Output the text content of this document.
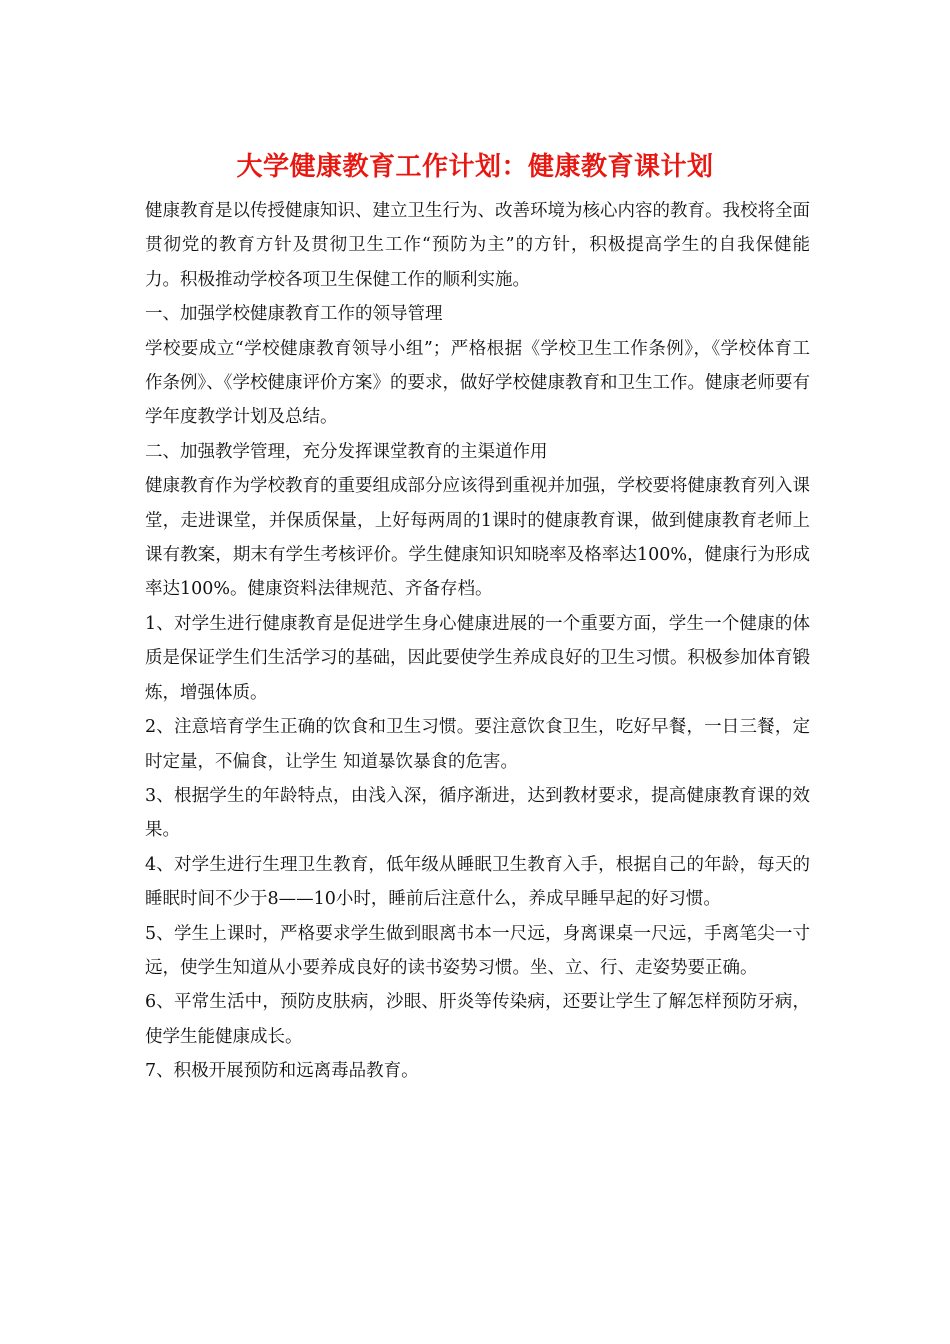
大学健康教育工作计划：健康教育课计划

健康教育是以传授健康知识、建立卫生行为、改善环境为核心内容的教育。我校将全面贯彻党的教育方针及贯彻卫生工作“预防为主”的方针，积极提高学生的自我保健能力。积极推动学校各项卫生保健工作的顺利实施。

一、加强学校健康教育工作的领导管理

学校要成立“学校健康教育领导小组”；严格根据《学校卫生工作条例》，《学校体育工作条例》、《学校健康评价方案》的要求，做好学校健康教育和卫生工作。健康老师要有学年度教学计划及总结。

二、加强教学管理，充分发挥课堂教育的主渠道作用

健康教育作为学校教育的重要组成部分应该得到重视并加强，学校要将健康教育列入课堂，走进课堂，并保质保量，上好每两周的1课时的健康教育课，做到健康教育老师上课有教案，期末有学生考核评价。学生健康知识知晓率及格率达100%，健康行为形成率达100%。健康资料法律规范、齐备存档。

1、对学生进行健康教育是促进学生身心健康进展的一个重要方面，学生一个健康的体质是保证学生们生活学习的基础，因此要使学生养成良好的卫生习惯。积极参加体育锻炼，增强体质。

2、注意培育学生正确的饮食和卫生习惯。要注意饮食卫生，吃好早餐，一日三餐，定时定量，不偏食，让学生 知道暴饮暴食的危害。

3、根据学生的年龄特点，由浅入深，循序渐进，达到教材要求，提高健康教育课的效果。

4、对学生进行生理卫生教育，低年级从睡眠卫生教育入手，根据自己的年龄，每天的睡眠时间不少于8——10小时，睡前后注意什么，养成早睡早起的好习惯。

5、学生上课时，严格要求学生做到眼离书本一尺远，身离课桌一尺远，手离笔尖一寸远，使学生知道从小要养成良好的读书姿势习惯。坐、立、行、走姿势要正确。

6、平常生活中，预防皮肤病，沙眼、肝炎等传染病，还要让学生了解怎样预防牙病，使学生能健康成长。

7、积极开展预防和远离毒品教育。
